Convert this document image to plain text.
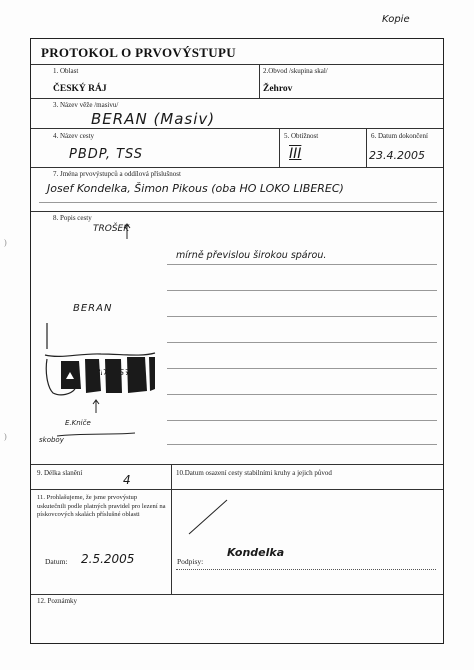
Kopie
PROTOKOL O PRVOVÝSTUPU
1. Oblast
ČESKÝ RÁJ
2.Obvod /skupina skal/
Žehrov
3. Název věže /masivu/
BERAN (Masiv)
4. Název cesty
PBDP, TSS
5. Obtížnost
III
6. Datum dokončení
23.4.2005
7. Jména prvovýstupců a oddílová příslušnost
Josef Kondelka, Šimon Pikous (oba HO LOKO LIBEREC)
8. Popis cesty
mírně převislou širokou spárou.
TROŠEK
BERAN
PBDP, TSS
E.Kniče
skoboy
9. Délka slanění	4	10.Datum osazení cesty stabilními kruhy a jejich původ
11. Prohlašujeme, že jsme prvovýstup uskutečnili podle platných pravidel pro lezení na pískovcových skalách příslušné oblasti
Datum: 2.5.2005	Podpisy:
Kondelka
12. Poznámky
)
)
